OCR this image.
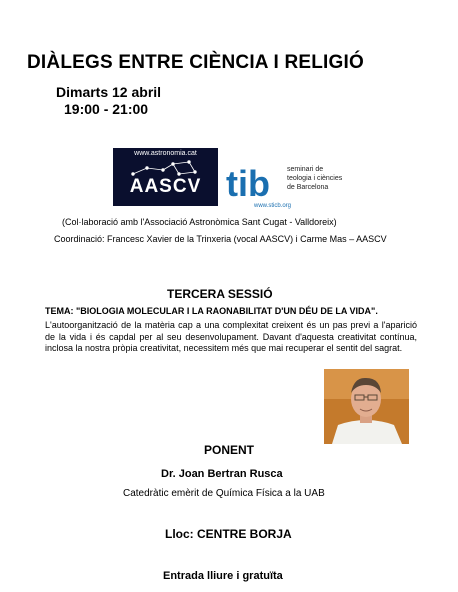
DIÀLEGS ENTRE CIÈNCIA I RELIGIÓ
Dimarts 12 abril
19:00 - 21:00
www.astronomia.cat
AASCV tib
www.sticb.org
seminari de
teologia i ciències
de Barcelona
(Col·laboració amb l'Associació Astronòmica Sant Cugat - Valldoreix)
Coordinació: Francesc Xavier de la Trinxeria (vocal AASCV) i Carme Mas – AASCV
TERCERA SESSIÓ
TEMA: "BIOLOGIA MOLECULAR I LA RAONABILITAT D'UN DÉU DE LA VIDA".
L'autoorganització de la matèria cap a una complexitat creixent és un pas previ a l'aparició de la vida i és capdal per al seu desenvolupament. Davant d'aquesta creativitat contínua, inclosa la nostra pròpia creativitat, necessitem més que mai recuperar el sentit del sagrat.
PONENT
Dr. Joan Bertran Rusca
Catedràtic emèrit de Química Física a la UAB
Lloc: CENTRE BORJA
Entrada lliure i gratuïta
